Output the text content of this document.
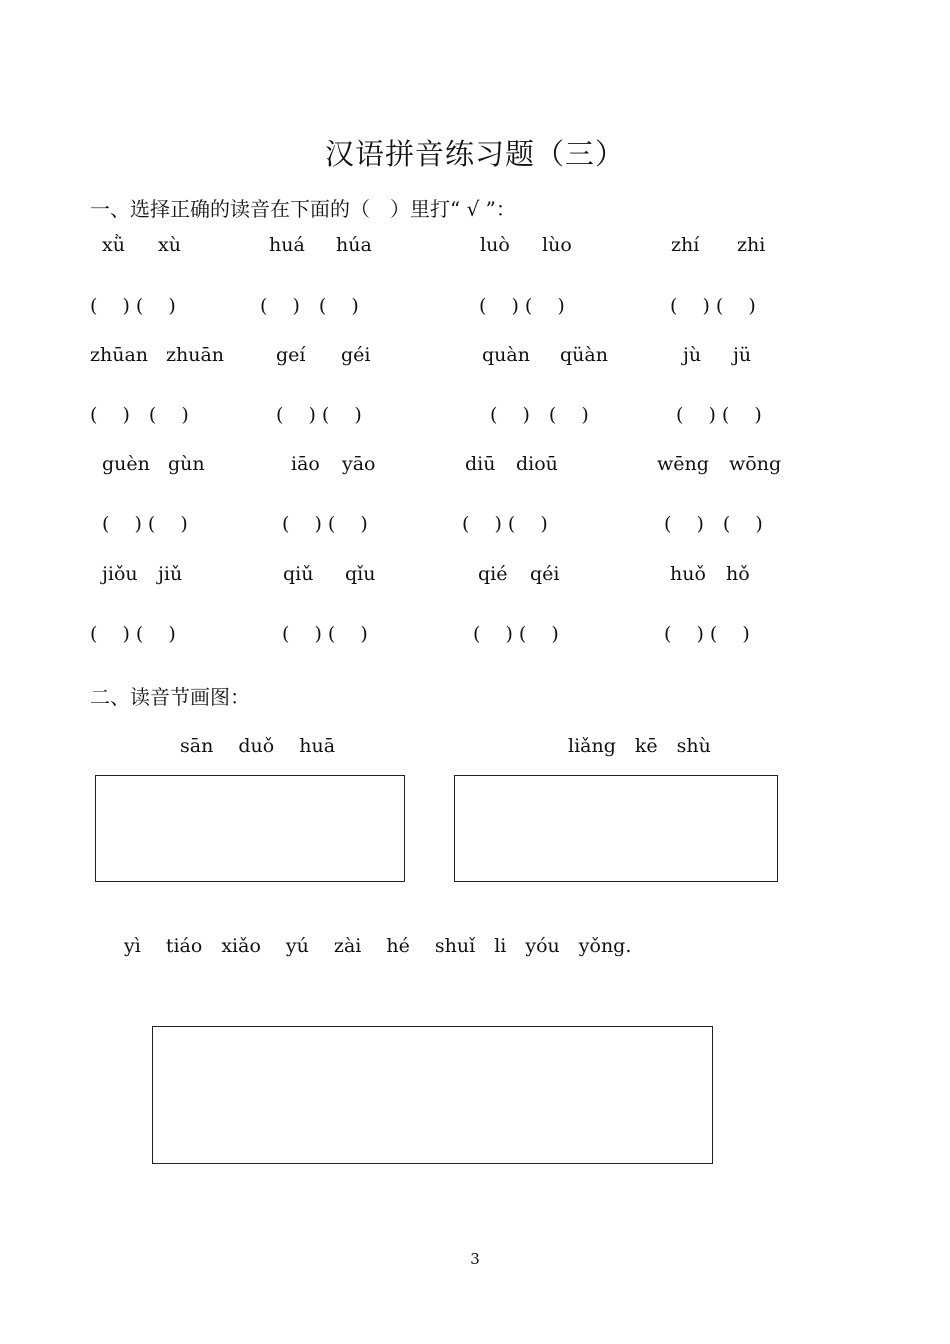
汉语拼音练习题（三）
一、选择正确的读音在下面的（　）里打“ √ ”：
xǜ xù	huá húa	luò lùo	zhí zhi
(　 ) (　 )	(　 )　(　 )	(　 ) (　 )	(　 ) (　 )
zhūan zhuān	geí géi	quàn qüàn	jù jü
(　 )　(　 )	(　 ) (　 )	(　 )　(　 )	(　 ) (　 )
guèn gùn	iāo yāo	diū dioū	wēng wōng
(　 ) (　 )	(　 ) (　 )	(　 ) (　 )	(　 )　(　 )
jiǒu jiǔ	qiǔ qǐu	qié qéi	huǒ hǒ
(　 ) (　 )	(　 ) (　 )	(　 ) (　 )	(　 ) (　 )
二、读音节画图：
sān　 duǒ　 huā	liǎng　kē　shù
yì　 tiáo　xiǎo　 yú　 zài　 hé　 shuǐ　li　yóu　yǒng.
3
